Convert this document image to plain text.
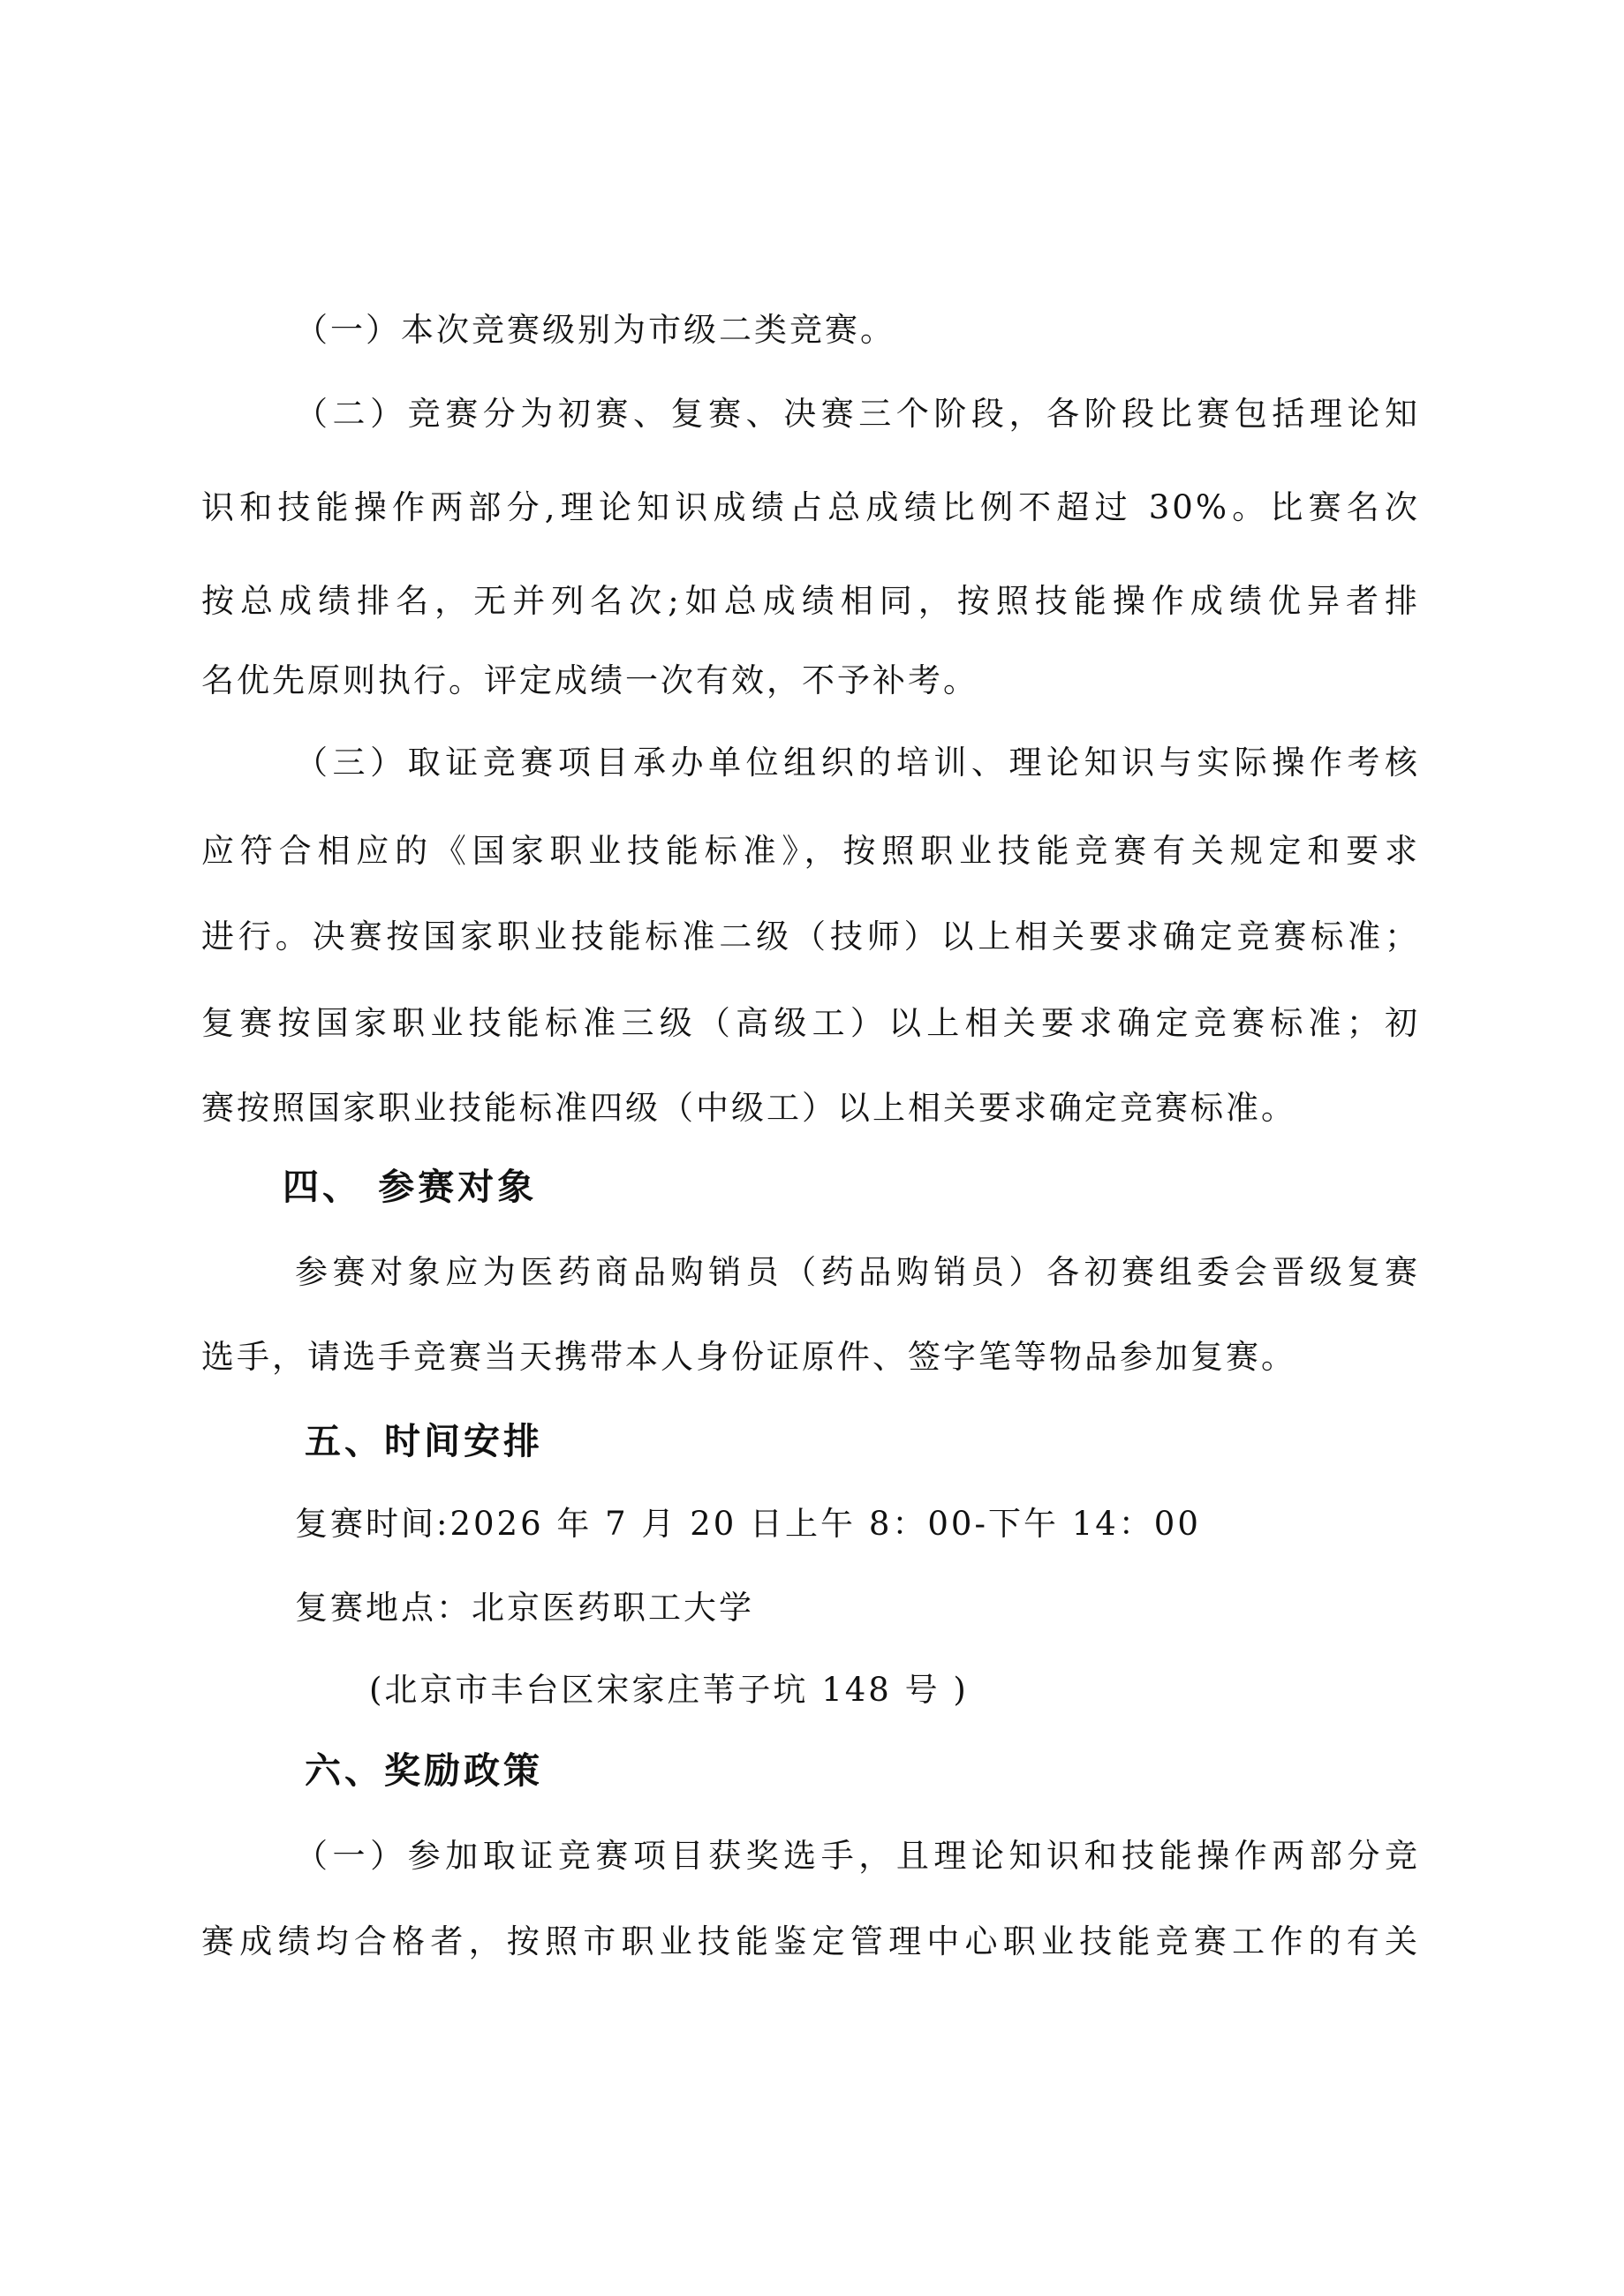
（一）本次竞赛级别为市级二类竞赛。
（二）竞赛分为初赛、复赛、决赛三个阶段，各阶段比赛包括理论知
识和技能操作两部分,理论知识成绩占总成绩比例不超过 30%。比赛名次
按总成绩排名，无并列名次;如总成绩相同，按照技能操作成绩优异者排
名优先原则执行。评定成绩一次有效，不予补考。
（三）取证竞赛项目承办单位组织的培训、理论知识与实际操作考核
应符合相应的《国家职业技能标准》，按照职业技能竞赛有关规定和要求
进行。决赛按国家职业技能标准二级（技师）以上相关要求确定竞赛标准；
复赛按国家职业技能标准三级（高级工）以上相关要求确定竞赛标准；初
赛按照国家职业技能标准四级（中级工）以上相关要求确定竞赛标准。
四、 参赛对象
参赛对象应为医药商品购销员（药品购销员）各初赛组委会晋级复赛
选手，请选手竞赛当天携带本人身份证原件、签字笔等物品参加复赛。
五、时间安排
复赛时间:2026 年 7 月 20 日上午 8：00-下午 14：00
复赛地点：北京医药职工大学
(北京市丰台区宋家庄苇子坑 148 号 )
六、奖励政策
（一）参加取证竞赛项目获奖选手，且理论知识和技能操作两部分竞
赛成绩均合格者，按照市职业技能鉴定管理中心职业技能竞赛工作的有关
